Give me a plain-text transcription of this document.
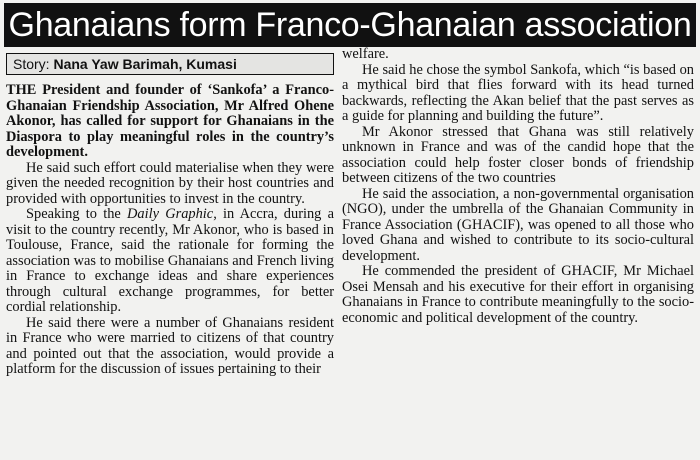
Ghanaians form Franco-Ghanaian association
Story: Nana Yaw Barimah, Kumasi

THE President and founder of ‘Sankofa’ a Franco-Ghanaian Friendship Association, Mr Alfred Ohene Akonor, has called for support for Ghanaians in the Diaspora to play meaningful roles in the country’s development.

He said such effort could materialise when they were given the needed recognition by their host countries and provided with opportunities to invest in the country.

Speaking to the Daily Graphic, in Accra, during a visit to the country recently, Mr Akonor, who is based in Toulouse, France, said the rationale for forming the association was to mobilise Ghanaians and French living in France to exchange ideas and share experiences through cultural exchange programmes, for better cordial relationship.

He said there were a number of Ghanaians resident in France who were married to citizens of that country and pointed out that the association, would provide a platform for the discussion of issues pertaining to their

welfare.

He said he chose the symbol Sankofa, which “is based on a mythical bird that flies forward with its head turned backwards, reflecting the Akan belief that the past serves as a guide for planning and building the future”.

Mr Akonor stressed that Ghana was still relatively unknown in France and was of the candid hope that the association could help foster closer bonds of friendship between citizens of the two countries

He said the association, a non-governmental organisation (NGO), under the umbrella of the Ghanaian Community in France Association (GHACIF), was opened to all those who loved Ghana and wished to contribute to its socio-cultural development.

He commended the president of GHACIF, Mr Michael Osei Mensah and his executive for their effort in organising Ghanaians in France to contribute meaningfully to the socio-economic and political development of the country.
